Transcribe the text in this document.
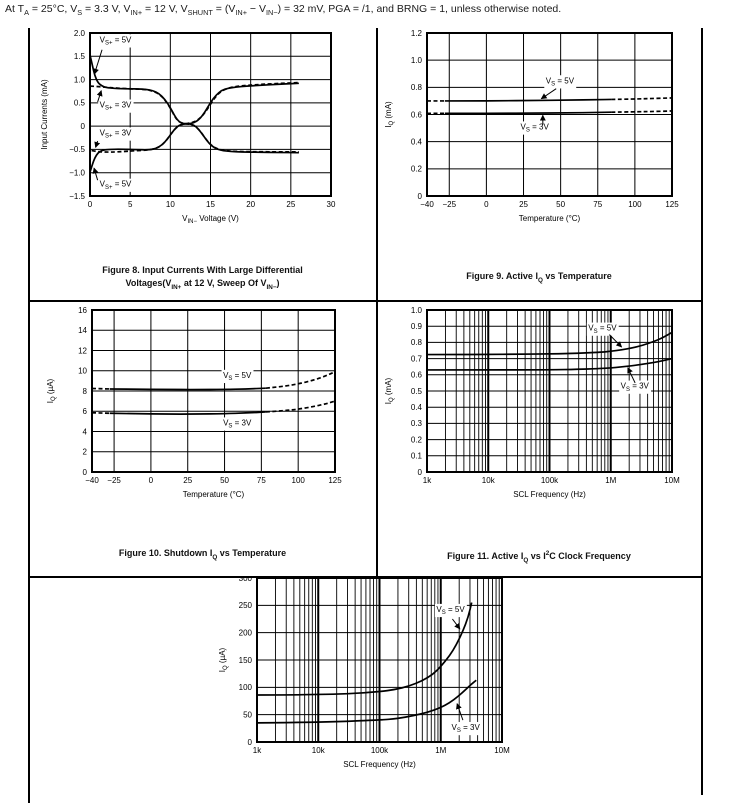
At $T_A = 25^\circ C$, $V_S = 3.3$ V, $V_{IN+} = 12$ V, $V_{SHUNT} = (V_{IN+} - V_{IN-}) = 32$ mV, PGA = /1, and BRNG = 1, unless otherwise noted.
0	5	10	15	20	25	30
−1.5
−1.0
−0.5
0
0.5
1.0
1.5
2.0
$V_{IN-}$ Voltage (V)
Input Currents (mA)
$V_{S+} = 5V$
$V_{S+} = 3V$
$V_{S+} = 3V$
$V_{S+} = 5V$
−40 −25	0	25	50	75	100	125
0
0.2
0.4
0.6
0.8
1.0
1.2
Temperature (°C)
$I_Q$ (mA)
$V_S = 5V$
$V_S = 3V$
−40 −25	0	25	50	75	100	125
0
2
4
6
8
10
12
14
16
Temperature (°C)
$I_Q$ (µA)
$V_S = 5V$
$V_S = 3V$
1k	10k	100k	1M	10M
0
0.1
0.2
0.3
0.4
0.5
0.6
0.7
0.8
0.9
1.0
SCL Frequency (Hz)
$I_Q$ (mA)
$V_S = 5V$
$V_S = 3V$
1k	10k	100k	1M	10M
0
50
100
150
200
250
300
SCL Frequency (Hz)
$I_Q$ (µA)
$V_S = 5V$
$V_S = 3V$
Figure 8. Input Currents With Large Differential
$Voltages(V_{IN+}$ at 12 V, Sweep Of $V_{IN-}$)
Figure 9. Active $I_Q$ vs Temperature
Figure 10. Shutdown $I_Q$ vs Temperature	Figure 11. Active $I_Q$ vs $I^2C$ Clock Frequency
